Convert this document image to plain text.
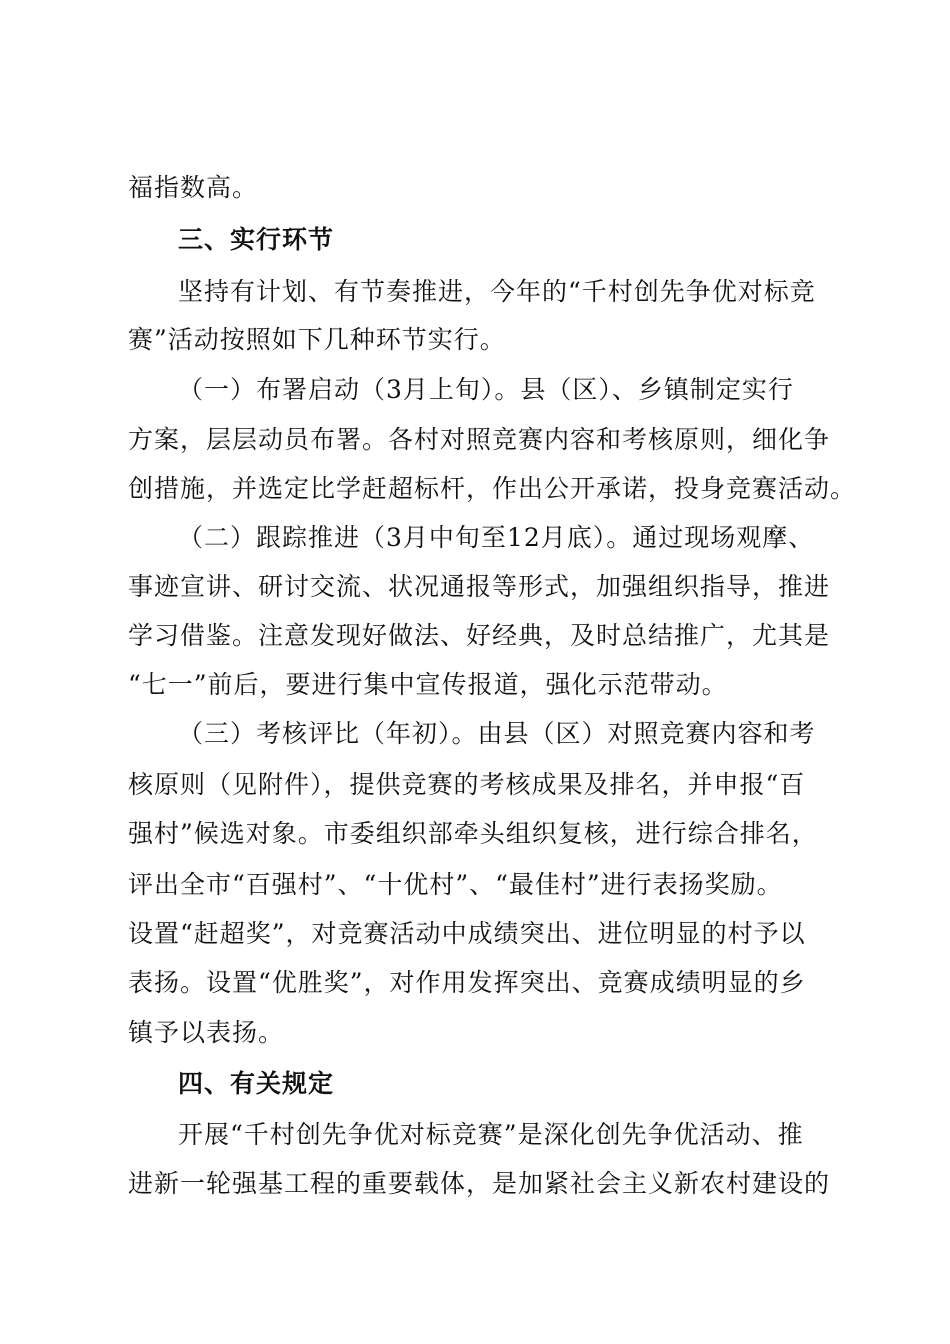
福指数高。
三、实行环节
坚持有计划、有节奏推进，今年的“千村创先争优对标竞
赛”活动按照如下几种环节实行。
（一）布署启动（3月上旬）。县（区）、乡镇制定实行
方案，层层动员布署。各村对照竞赛内容和考核原则，细化争
创措施，并选定比学赶超标杆，作出公开承诺，投身竞赛活动。
（二）跟踪推进（3月中旬至12月底）。通过现场观摩、
事迹宣讲、研讨交流、状况通报等形式，加强组织指导，推进
学习借鉴。注意发现好做法、好经典，及时总结推广，尤其是
“七一”前后，要进行集中宣传报道，强化示范带动。
（三）考核评比（年初）。由县（区）对照竞赛内容和考
核原则（见附件），提供竞赛的考核成果及排名，并申报“百
强村”候选对象。市委组织部牵头组织复核，进行综合排名，
评出全市“百强村”、“十优村”、“最佳村”进行表扬奖励。
设置“赶超奖”，对竞赛活动中成绩突出、进位明显的村予以
表扬。设置“优胜奖”，对作用发挥突出、竞赛成绩明显的乡
镇予以表扬。
四、有关规定
开展“千村创先争优对标竞赛”是深化创先争优活动、推
进新一轮强基工程的重要载体，是加紧社会主义新农村建设的
